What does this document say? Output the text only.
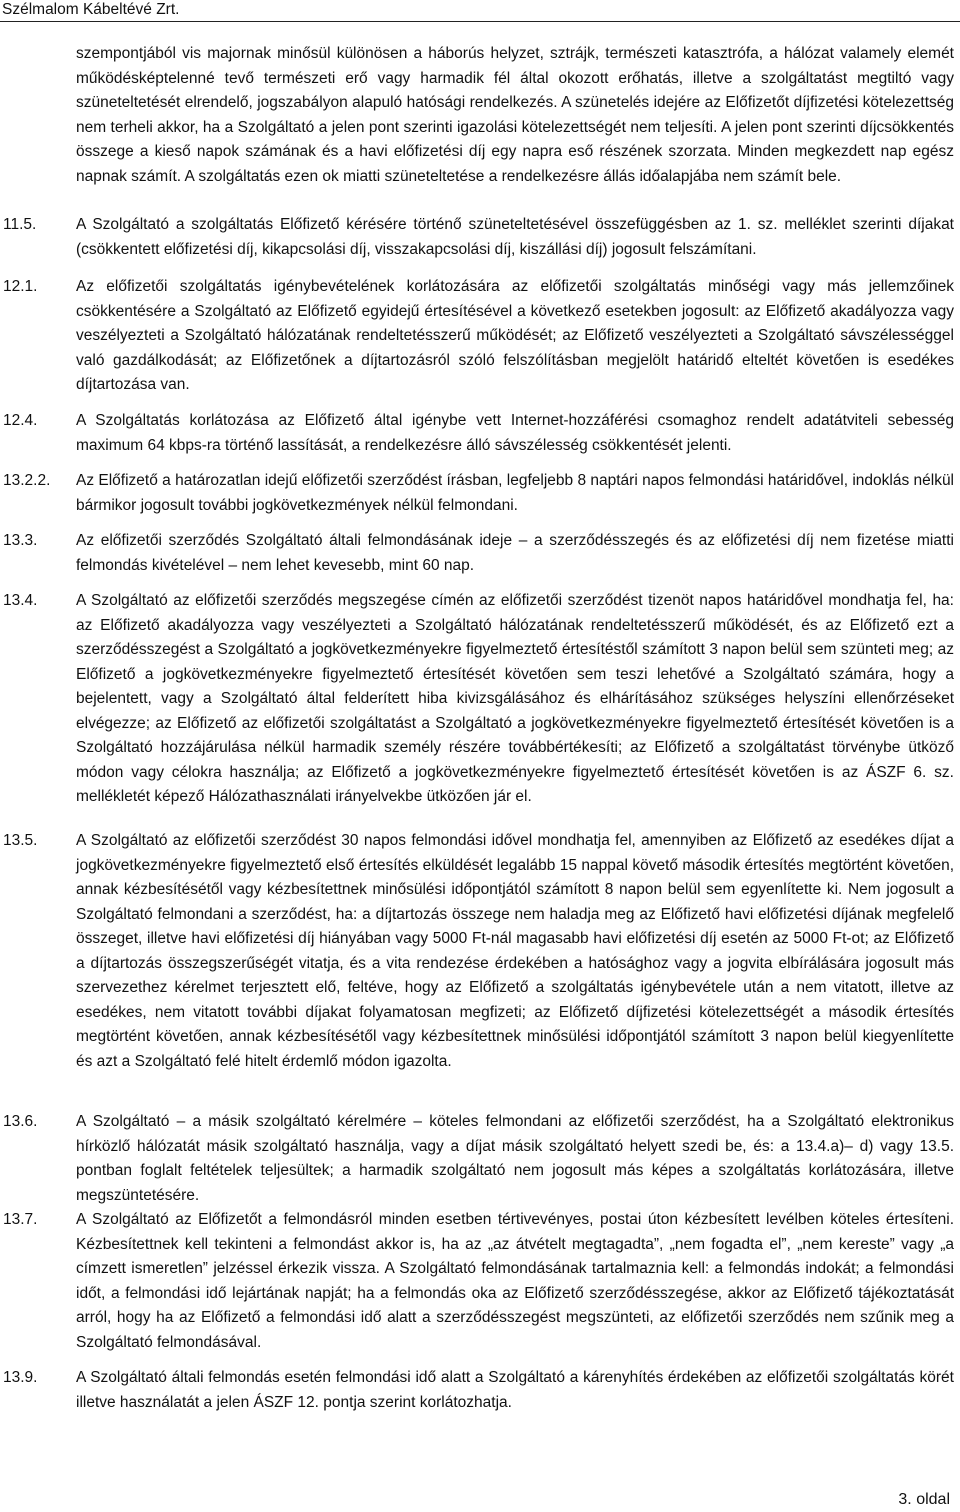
Szélmalom Kábeltévé Zrt.
szempontjából vis majornak minősül különösen a háborús helyzet, sztrájk, természeti katasztrófa, a hálózat valamely elemét működésképtelenné tevő természeti erő vagy harmadik fél által okozott erőhatás, illetve a szolgáltatást megtiltó vagy szüneteltetését elrendelő, jogszabályon alapuló hatósági rendelkezés. A szünetelés idejére az Előfizetőt díjfizetési kötelezettség nem terheli akkor, ha a Szolgáltató a jelen pont szerinti igazolási kötelezettségét nem teljesíti. A jelen pont szerinti díjcsökkentés összege a kieső napok számának és a havi előfizetési díj egy napra eső részének szorzata. Minden megkezdett nap egész napnak számít. A szolgáltatás ezen ok miatti szüneteltetése a rendelkezésre állás időalapjába nem számít bele.
11.5.	A Szolgáltató a szolgáltatás Előfizető kérésére történő szüneteltetésével összefüggésben az 1. sz. melléklet szerinti díjakat (csökkentett előfizetési díj, kikapcsolási díj, visszakapcsolási díj, kiszállási díj) jogosult felszámítani.
12.1.	Az előfizetői szolgáltatás igénybevételének korlátozására az előfizetői szolgáltatás minőségi vagy más jellemzőinek csökkentésére a Szolgáltató az Előfizető egyidejű értesítésével a következő esetekben jogosult: az Előfizető akadályozza vagy veszélyezteti a Szolgáltató hálózatának rendeltetésszerű működését; az Előfizető veszélyezteti a Szolgáltató sávszélességgel való gazdálkodását; az Előfizetőnek a díjtartozásról szóló felszólításban megjelölt határidő elteltét követően is esedékes díjtartozása van.
12.4.	A Szolgáltatás korlátozása az Előfizető által igénybe vett Internet-hozzáférési csomaghoz rendelt adatátviteli sebesség maximum 64 kbps-ra történő lassítását, a rendelkezésre álló sávszélesség csökkentését jelenti.
13.2.2.	Az Előfizető a határozatlan idejű előfizetői szerződést írásban, legfeljebb 8 naptári napos felmondási határidővel, indoklás nélkül bármikor jogosult további jogkövetkezmények nélkül felmondani.
13.3.	Az előfizetői szerződés Szolgáltató általi felmondásának ideje – a szerződésszegés és az előfizetési díj nem fizetése miatti felmondás kivételével – nem lehet kevesebb, mint 60 nap.
13.4.	A Szolgáltató az előfizetői szerződés megszegése címén az előfizetői szerződést tizenöt napos határidővel mondhatja fel, ha: az Előfizető akadályozza vagy veszélyezteti a Szolgáltató hálózatának rendeltetésszerű működését, és az Előfizető ezt a szerződésszegést a Szolgáltató a jogkövetkezményekre figyelmeztető értesítéstől számított 3 napon belül sem szünteti meg; az Előfizető a jogkövetkezményekre figyelmeztető értesítését követően sem teszi lehetővé a Szolgáltató számára, hogy a bejelentett, vagy a Szolgáltató által felderített hiba kivizsgálásához és elhárításához szükséges helyszíni ellenőrzéseket elvégezze; az Előfizető az előfizetői szolgáltatást a Szolgáltató a jogkövetkezményekre figyelmeztető értesítését követően is a Szolgáltató hozzájárulása nélkül harmadik személy részére továbbértékesíti; az Előfizető a szolgáltatást törvénybe ütköző módon vagy célokra használja; az Előfizető a jogkövetkezményekre figyelmeztető értesítését követően is az ÁSZF 6. sz. mellékletét képező Hálózathasználati irányelvekbe ütközően jár el.
13.5.	A Szolgáltató az előfizetői szerződést 30 napos felmondási idővel mondhatja fel, amennyiben az Előfizető az esedékes díjat a jogkövetkezményekre figyelmeztető első értesítés elküldését legalább 15 nappal követő második értesítés megtörtént követően, annak kézbesítésétől vagy kézbesítettnek minősülési időpontjától számított 8 napon belül sem egyenlítette ki. Nem jogosult a Szolgáltató felmondani a szerződést, ha: a díjtartozás összege nem haladja meg az Előfizető havi előfizetési díjának megfelelő összeget, illetve havi előfizetési díj hiányában vagy 5000 Ft-nál magasabb havi előfizetési díj esetén az 5000 Ft-ot; az Előfizető a díjtartozás összegszerűségét vitatja, és a vita rendezése érdekében a hatósághoz vagy a jogvita elbírálására jogosult más szervezethez kérelmet terjesztett elő, feltéve, hogy az Előfizető a szolgáltatás igénybevétele után a nem vitatott, illetve az esedékes, nem vitatott további díjakat folyamatosan megfizeti; az Előfizető díjfizetési kötelezettségét a második értesítés megtörtént követően, annak kézbesítésétől vagy kézbesítettnek minősülési időpontjától számított 3 napon belül kiegyenlítette és azt a Szolgáltató felé hitelt érdemlő módon igazolta.
13.6.	A Szolgáltató – a másik szolgáltató kérelmére – köteles felmondani az előfizetői szerződést, ha a Szolgáltató elektronikus hírközlő hálózatát másik szolgáltató használja, vagy a díjat másik szolgáltató helyett szedi be, és: a 13.4.a)– d) vagy 13.5. pontban foglalt feltételek teljesültek; a harmadik szolgáltató nem jogosult más képes a szolgáltatás korlátozására, illetve megszüntetésére.
13.7.	A Szolgáltató az Előfizetőt a felmondásról minden esetben tértivevényes, postai úton kézbesített levélben köteles értesíteni. Kézbesítettnek kell tekinteni a felmondást akkor is, ha az „az átvételt megtagadta”, „nem fogadta el”, „nem kereste” vagy „a címzett ismeretlen” jelzéssel érkezik vissza. A Szolgáltató felmondásának tartalmaznia kell: a felmondás indokát; a felmondási időt, a felmondási idő lejártának napját; ha a felmondás oka az Előfizető szerződésszegése, akkor az Előfizető tájékoztatását arról, hogy ha az Előfizető a felmondási idő alatt a szerződésszegést megszünteti, az előfizetői szerződés nem szűnik meg a Szolgáltató felmondásával.
13.9.	A Szolgáltató általi felmondás esetén felmondási idő alatt a Szolgáltató a kárenyhítés érdekében az előfizetői szolgáltatás körét illetve használatát a jelen ÁSZF 12. pontja szerint korlátozhatja.
3. oldal
